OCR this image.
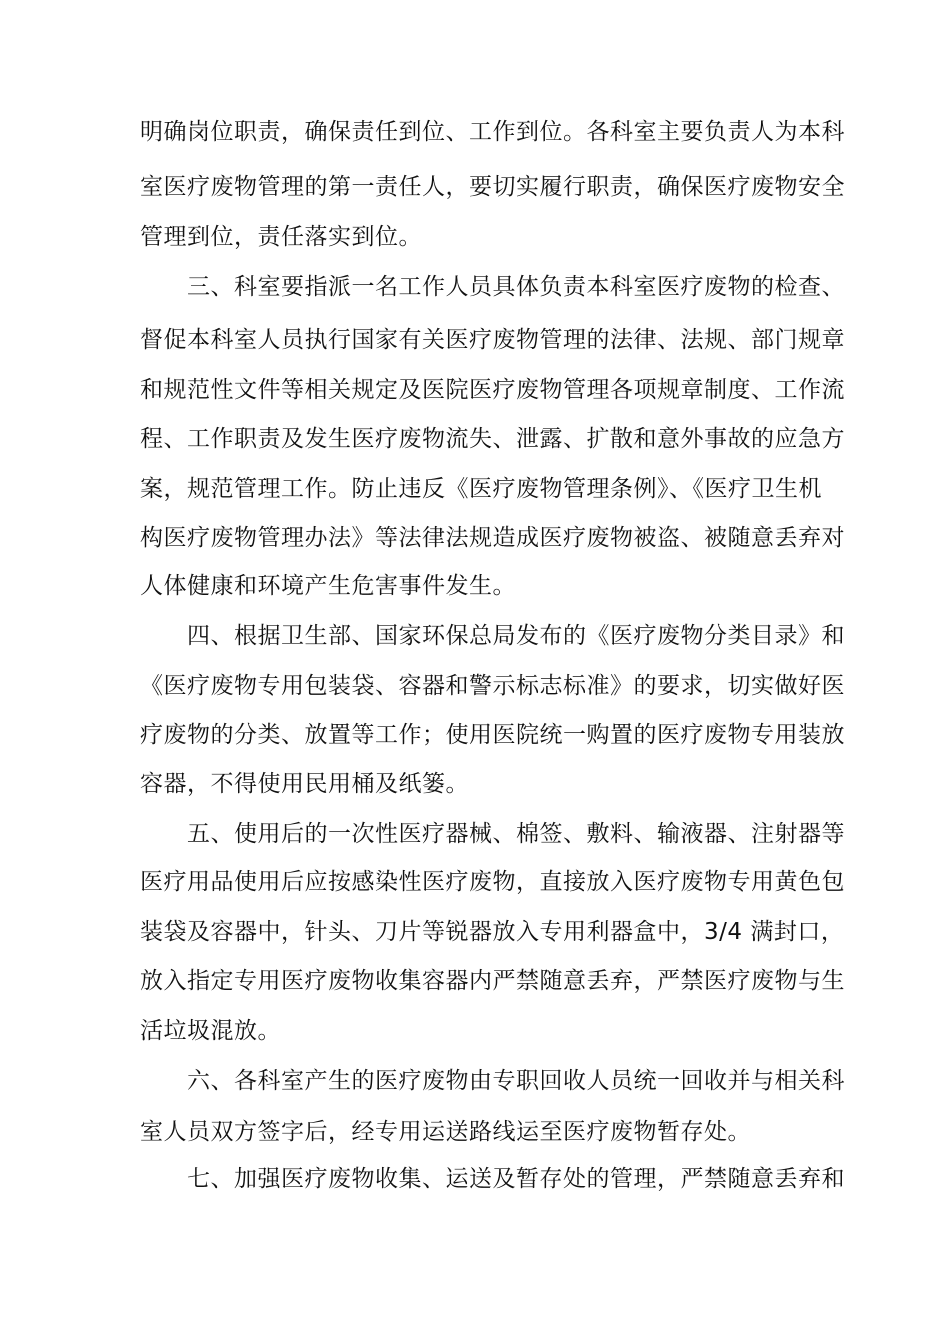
明确岗位职责，确保责任到位、工作到位。各科室主要负责人为本科
室医疗废物管理的第一责任人，要切实履行职责，确保医疗废物安全
管理到位，责任落实到位。
三、科室要指派一名工作人员具体负责本科室医疗废物的检查、
督促本科室人员执行国家有关医疗废物管理的法律、法规、部门规章
和规范性文件等相关规定及医院医疗废物管理各项规章制度、工作流
程、工作职责及发生医疗废物流失、泄露、扩散和意外事故的应急方
案，规范管理工作。防止违反《医疗废物管理条例》、《医疗卫生机
构医疗废物管理办法》等法律法规造成医疗废物被盗、被随意丢弃对
人体健康和环境产生危害事件发生。
四、根据卫生部、国家环保总局发布的《医疗废物分类目录》和
《医疗废物专用包装袋、容器和警示标志标准》的要求，切实做好医
疗废物的分类、放置等工作；使用医院统一购置的医疗废物专用装放
容器，不得使用民用桶及纸篓。
五、使用后的一次性医疗器械、棉签、敷料、输液器、注射器等
医疗用品使用后应按感染性医疗废物，直接放入医疗废物专用黄色包
装袋及容器中，针头、刀片等锐器放入专用利器盒中，3/4 满封口，
放入指定专用医疗废物收集容器内严禁随意丢弃，严禁医疗废物与生
活垃圾混放。
六、各科室产生的医疗废物由专职回收人员统一回收并与相关科
室人员双方签字后，经专用运送路线运至医疗废物暂存处。
七、加强医疗废物收集、运送及暂存处的管理，严禁随意丢弃和
